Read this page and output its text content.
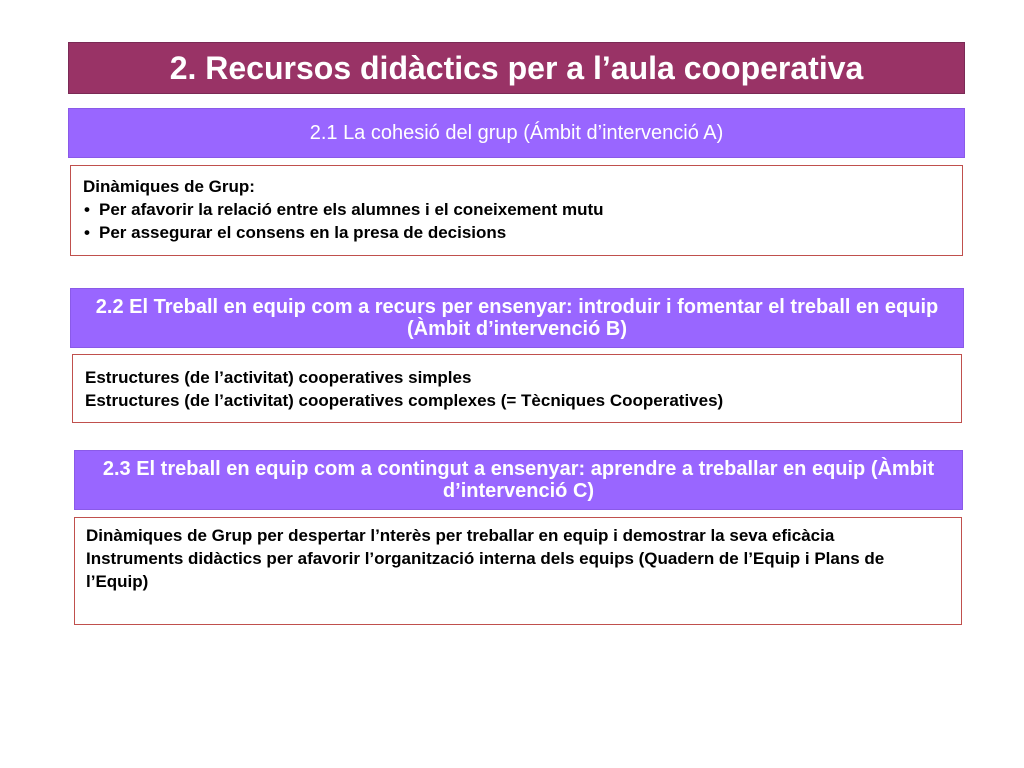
2. Recursos didàctics per a l’aula cooperativa
2.1 La cohesió del grup (Ámbit d’intervenció A)
Dinàmiques de Grup:
• Per afavorir la relació entre els alumnes i el coneixement mutu
• Per assegurar el consens en la presa de decisions
2.2 El Treball en equip com a recurs per ensenyar: introduir i fomentar el treball en equip (Àmbit d’intervenció B)
Estructures (de l’activitat) cooperatives simples
Estructures (de l’activitat) cooperatives complexes (= Tècniques Cooperatives)
2.3 El treball en equip com a contingut a ensenyar: aprendre a treballar en equip (Àmbit d’intervenció C)
Dinàmiques de Grup per despertar l’nterès per treballar en equip i demostrar la seva eficàcia
Instruments didàctics per afavorir l’organització interna dels equips (Quadern de l’Equip i Plans de l’Equip)
